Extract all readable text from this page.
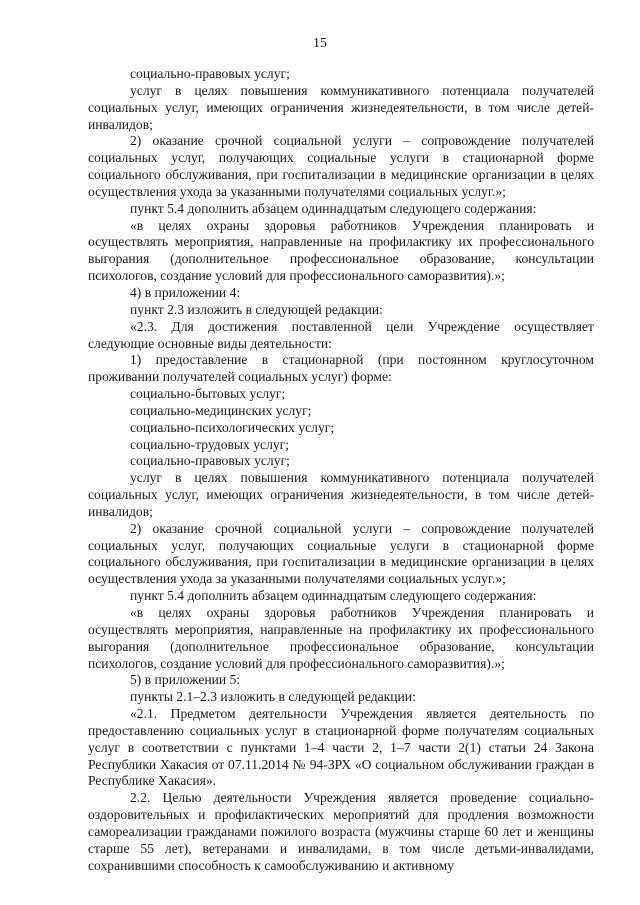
15

социально-правовых услуг;

услуг в целях повышения коммуникативного потенциала получателей социальных услуг, имеющих ограничения жизнедеятельности, в том числе детей-инвалидов;

2) оказание срочной социальной услуги – сопровождение получателей социальных услуг, получающих социальные услуги в стационарной форме социального обслуживания, при госпитализации в медицинские организации в целях осуществления ухода за указанными получателями социальных услуг.»;

пункт 5.4 дополнить абзацем одиннадцатым следующего содержания:

«в целях охраны здоровья работников Учреждения планировать и осуществлять мероприятия, направленные на профилактику их профессионального выгорания (дополнительное профессиональное образование, консультации психологов, создание условий для профессионального саморазвития).»;

4) в приложении 4:

пункт 2.3 изложить в следующей редакции:

«2.3. Для достижения поставленной цели Учреждение осуществляет следующие основные виды деятельности:

1) предоставление в стационарной (при постоянном круглосуточном проживании получателей социальных услуг) форме:

социально-бытовых услуг;

социально-медицинских услуг;

социально-психологических услуг;

социально-трудовых услуг;

социально-правовых услуг;

услуг в целях повышения коммуникативного потенциала получателей социальных услуг, имеющих ограничения жизнедеятельности, в том числе детей-инвалидов;

2) оказание срочной социальной услуги – сопровождение получателей социальных услуг, получающих социальные услуги в стационарной форме социального обслуживания, при госпитализации в медицинские организации в целях осуществления ухода за указанными получателями социальных услуг.»;

пункт 5.4 дополнить абзацем одиннадцатым следующего содержания:

«в целях охраны здоровья работников Учреждения планировать и осуществлять мероприятия, направленные на профилактику их профессионального выгорания (дополнительное профессиональное образование, консультации психологов, создание условий для профессионального саморазвития).»;

5) в приложении 5:

пункты 2.1–2.3 изложить в следующей редакции:

«2.1. Предметом деятельности Учреждения является деятельность по предоставлению социальных услуг в стационарной форме получателям социальных услуг в соответствии с пунктами 1–4 части 2, 1–7 части 2(1) статьи 24 Закона Республики Хакасия от 07.11.2014 № 94-ЗРХ «О социальном обслуживании граждан в Республике Хакасия».

2.2. Целью деятельности Учреждения является проведение социально-оздоровительных и профилактических мероприятий для продления возможности самореализации гражданами пожилого возраста (мужчины старше 60 лет и женщины старше 55 лет), ветеранами и инвалидами, в том числе детьми-инвалидами, сохранившими способность к самообслуживанию и активному
